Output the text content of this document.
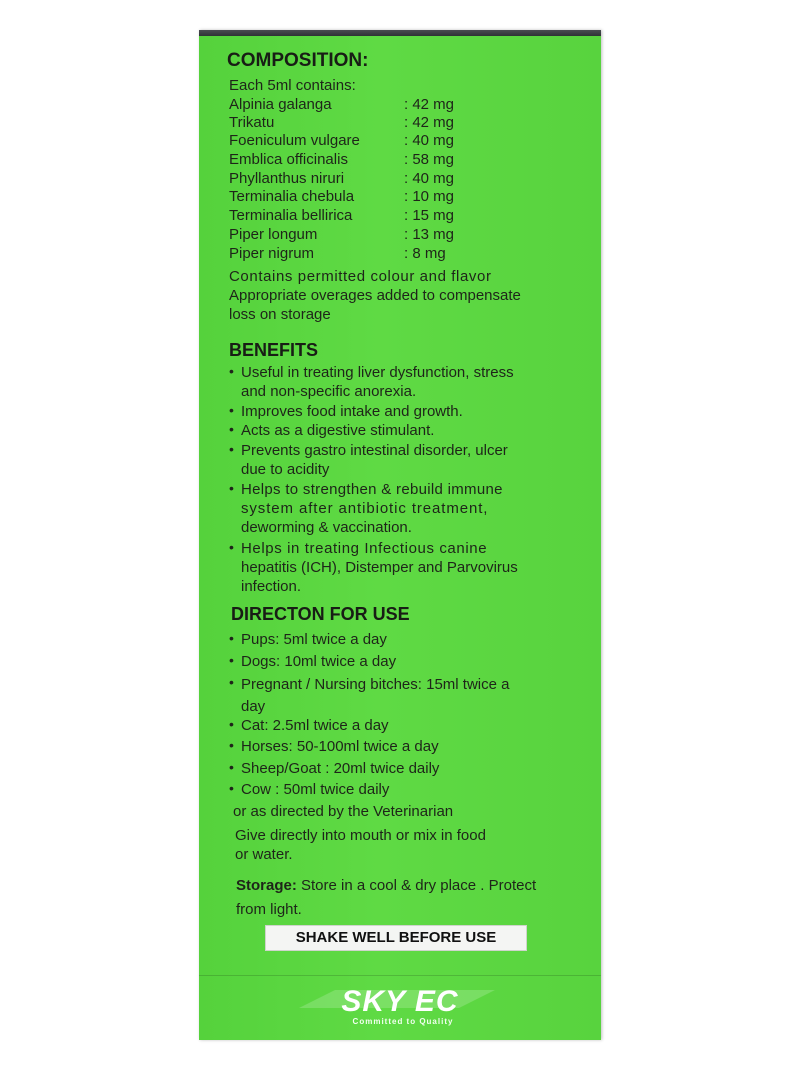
COMPOSITION:
Each 5ml contains:
Alpinia galanga	: 42 mg
Trikatu	: 42 mg
Foeniculum vulgare	: 40 mg
Emblica officinalis	: 58 mg
Phyllanthus niruri	: 40 mg
Terminalia chebula	: 10 mg
Terminalia bellirica	: 15 mg
Piper longum	: 13 mg
Piper nigrum	: 8 mg
Contains permitted colour and flavor
Appropriate overages added to compensate
loss on storage
BENEFITS
• Useful in treating liver dysfunction, stress
and non-specific anorexia.
• Improves food intake and growth.
• Acts as a digestive stimulant.
• Prevents gastro intestinal disorder, ulcer
due to acidity
• Helps to strengthen & rebuild immune
system after antibiotic treatment,
deworming & vaccination.
• Helps in treating Infectious canine
hepatitis (ICH), Distemper and Parvovirus
infection.
DIRECTON FOR USE
• Pups: 5ml twice a day
• Dogs: 10ml twice a day
• Pregnant / Nursing bitches: 15ml twice a
day
• Cat: 2.5ml twice a day
• Horses: 50-100ml twice a day
• Sheep/Goat : 20ml twice daily
• Cow : 50ml twice daily
or as directed by the Veterinarian
Give directly into mouth or mix in food
or water.
Storage: Store in a cool & dry place . Protect
from light.
SHAKE WELL BEFORE USE
SKY EC
Committed to Quality
